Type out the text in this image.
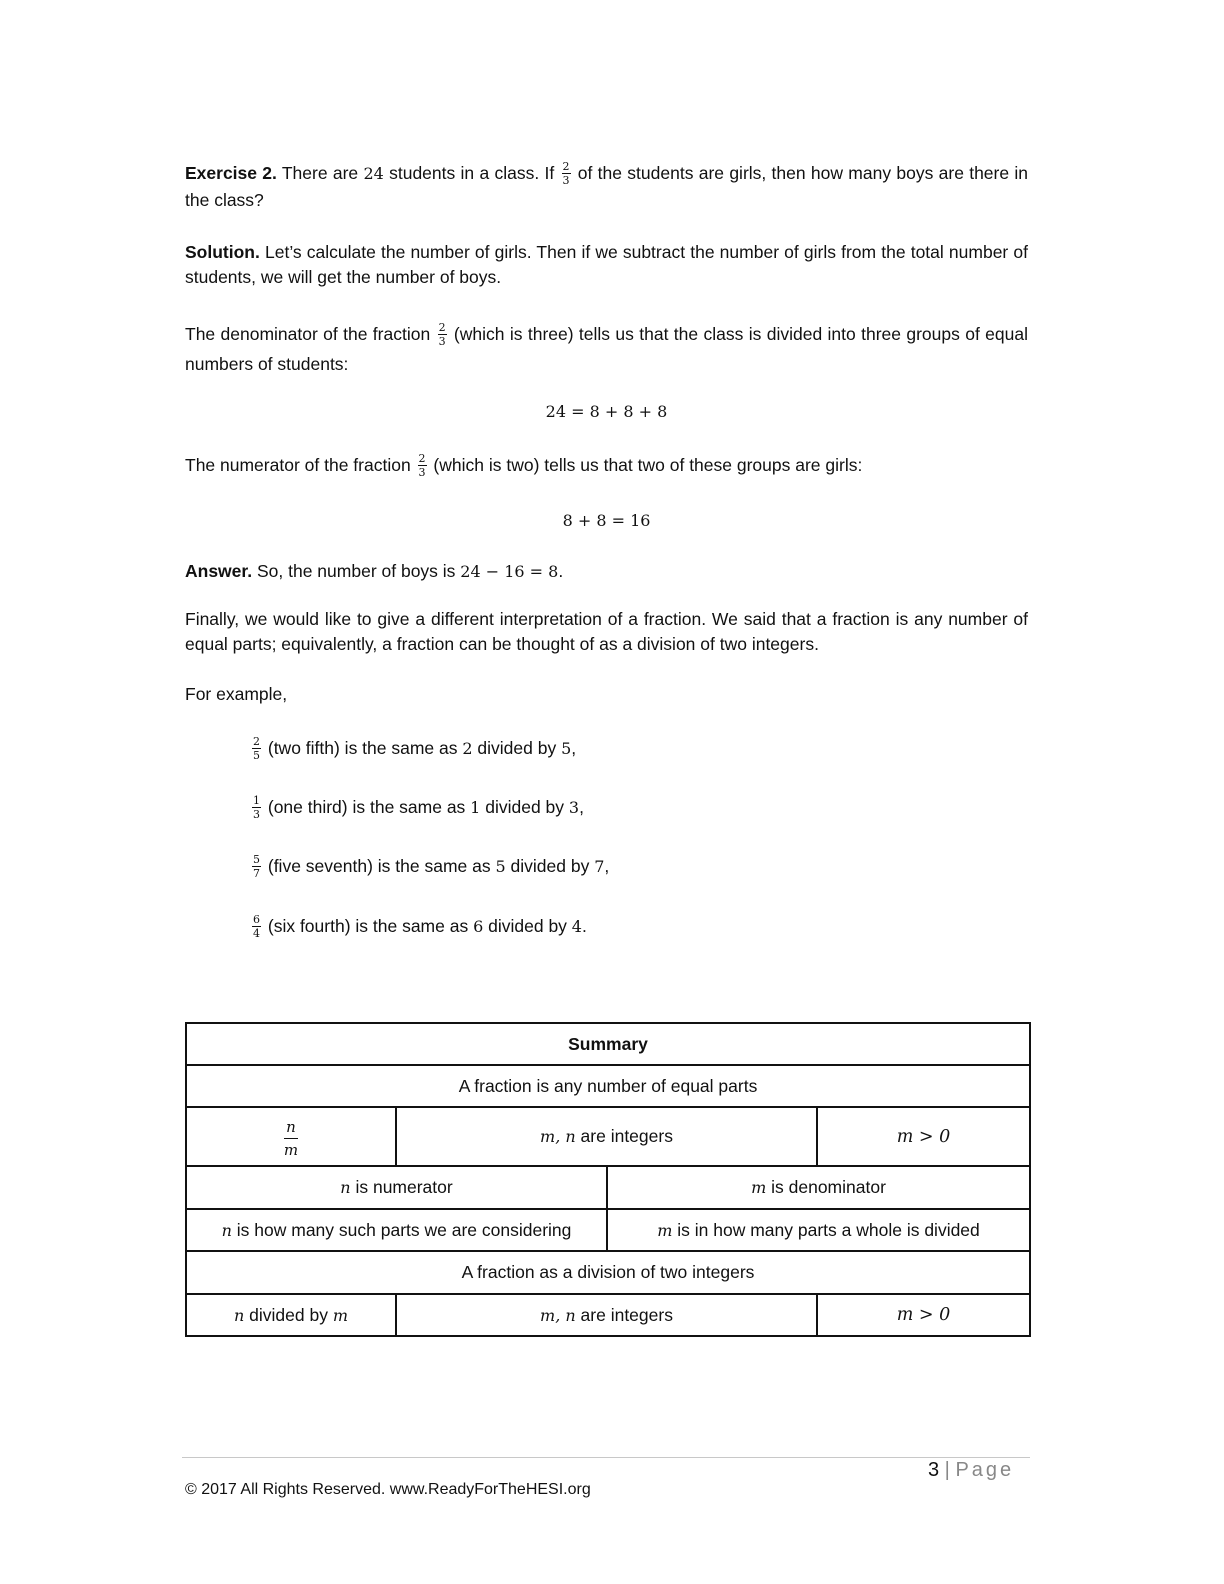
Exercise 2. There are 24 students in a class. If $\frac{2}{3}$ of the students are girls, then how many boys are there in the class?
Solution. Let’s calculate the number of girls. Then if we subtract the number of girls from the total number of students, we will get the number of boys.
The denominator of the fraction $\frac{2}{3}$ (which is three) tells us that the class is divided into three groups of equal numbers of students:
24 = 8 + 8 + 8
The numerator of the fraction $\frac{2}{3}$ (which is two) tells us that two of these groups are girls:
8 + 8 = 16
Answer. So, the number of boys is 24 − 16 = 8.
Finally, we would like to give a different interpretation of a fraction. We said that a fraction is any number of equal parts; equivalently, a fraction can be thought of as a division of two integers.
For example,
$\frac{2}{5} (two$ fifth) is the same as 2 divided by 5,
$\frac{1}{3} (one$ third) is the same as 1 divided by 3,
$\frac{5}{7}$ (five seventh) is the same as 5 divided by 7,
$\frac{6}{4} (six$ fourth) is the same as 6 divided by 4.
Summary			
A fraction is any number of equal parts			

$\frac{n}{m}$	m, n are integers		m > 0
n is numerator		m is denominator	
n is how many such parts we are considering		m is in how many parts a whole is divided	
A fraction as a division of two integers			
n divided by m	m, n are integers		m > 0
3 | Page
© 2017 All Rights Reserved. www.ReadyForTheHESI.org
